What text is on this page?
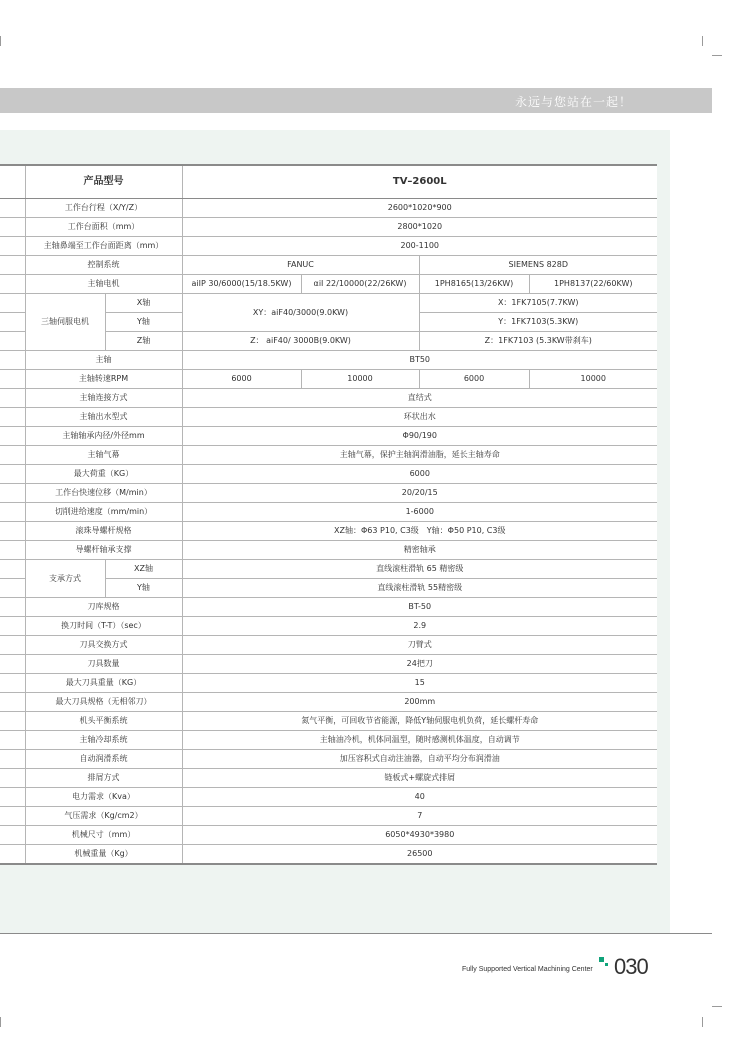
永远与您站在一起！
	产品型号		TV–2600L			
	工作台行程（X/Y/Z）		2600*1020*900			
	工作台面积（mm）		2800*1020			
	主轴鼻端至工作台面距离（mm）		200-1100			
	控制系统		FANUC		SIEMENS 828D	
	主轴电机		aiIP 30/6000(15/18.5KW)	αiI 22/10000(22/26KW)	1PH8165(13/26KW)	1PH8137(22/60KW)
	三轴伺服电机	X轴	XY：aiF40/3000(9.0KW)		X：1FK7105(7.7KW)	
		Y轴			Y：1FK7103(5.3KW)	
		Z轴	Z： aiF40/ 3000B(9.0KW)		Z：1FK7103 (5.3KW带刹车)	
	主轴		BT50			
	主轴转速RPM		6000	10000	6000	10000
	主轴连接方式		直结式			
	主轴出水型式		环状出水			
	主轴轴承内径/外径mm		Φ90/190			
	主轴气幕		主轴气幕，保护主轴润滑油脂，延长主轴寿命			
	最大荷重（KG）		6000			
	工作台快速位移（M/min）		20/20/15			
	切削进给速度（mm/min）		1-6000			
	滚珠导螺杆规格		XZ轴：Φ63 P10, C3级　Y轴：Φ50 P10, C3级			
	导螺杆轴承支撑		精密轴承			
	支承方式	XZ轴	直线滚柱滑轨 65 精密级			
		Y轴	直线滚柱滑轨 55精密级			
	刀库规格		BT-50			
	换刀时间（T-T）（sec）		2.9			
	刀具交换方式		刀臂式			
	刀具数量		24把刀			
	最大刀具重量（KG）		15			
	最大刀具规格（无相邻刀）		200mm			
	机头平衡系统		氮气平衡，可回收节省能源，降低Y轴伺服电机负荷，延长螺杆寿命			
	主轴冷却系统		主轴油冷机，机体同温型，随时感测机体温度，自动调节			
	自动润滑系统		加压容积式自动注油器，自动平均分布润滑油			
	排屑方式		链板式+螺旋式排屑			
	电力需求（Kva）		40			
	气压需求（Kg/cm2）		7			
	机械尺寸（mm）		6050*4930*3980			
	机械重量（Kg）		26500			
Fully Supported Vertical Machining Center 030
